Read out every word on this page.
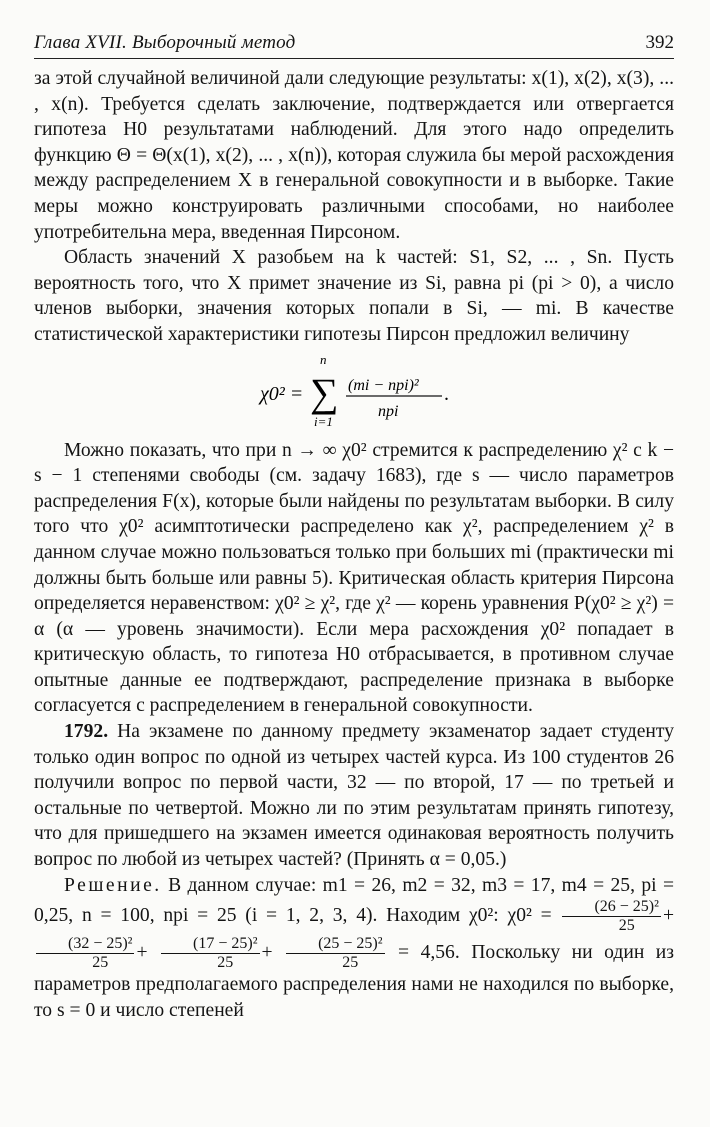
Глава XVII. Выборочный метод	392

за этой случайной величиной дали следующие результаты: x(1), x(2), x(3), ... , x(n). Требуется сделать заключение, подтверждается или отвергается гипотеза H0 результатами наблюдений. Для этого надо определить функцию Θ = Θ(x(1), x(2), ... , x(n)), которая служила бы мерой расхождения между распределением X в генеральной совокупности и в выборке. Такие меры можно конструировать различными способами, но наиболее употребительна мера, введенная Пирсоном.

Область значений X разобьем на k частей: S1, S2, ... , Sn. Пусть вероятность того, что X примет значение из Si, равна pi (pi > 0), а число членов выборки, значения которых попали в Si, — mi. В качестве статистической характеристики гипотезы Пирсон предложил величину

χ0² =
n
∑
i=1
(mi − npi)²
npi
.

Можно показать, что при n → ∞ χ0² стремится к распределению χ² с k − s − 1 степенями свободы (см. задачу 1683), где s — число параметров распределения F(x), которые были найдены по результатам выборки. В силу того что χ0² асимптотически распределено как χ², распределением χ² в данном случае можно пользоваться только при больших mi (практически mi должны быть больше или равны 5). Критическая область критерия Пирсона определяется неравенством: χ0² ≥ χ², где χ² — корень уравнения P(χ0² ≥ χ²) = α (α — уровень значимости). Если мера расхождения χ0² попадает в критическую область, то гипотеза H0 отбрасывается, в противном случае опытные данные ее подтверждают, распределение признака в выборке согласуется с распределением в генеральной совокупности.

1792. На экзамене по данному предмету экзаменатор задает студенту только один вопрос по одной из четырех частей курса. Из 100 студентов 26 получили вопрос по первой части, 32 — по второй, 17 — по третьей и остальные по четвертой. Можно ли по этим результатам принять гипотезу, что для пришедшего на экзамен имеется одинаковая вероятность получить вопрос по любой из четырех частей? (Принять α = 0,05.)

Решение. В данном случае: m1 = 26, m2 = 32, m3 = 17, m4 = 25, pi = 0,25, n = 100, npi = 25 (i = 1, 2, 3, 4). Находим χ0²: $\chi 0^2 = \frac{\text{(26 − 25)²}}{25}$ +
$\frac{\text{(32 − 25)²}}{25} + \frac{\text{(17 − 25)²}}{25} + \frac{\text{(25 − 25)²}}{25} = 4,56$. Поскольку ни один из параметров предполагаемого распределения нами не находился по выборке, то s = 0 и число степеней
